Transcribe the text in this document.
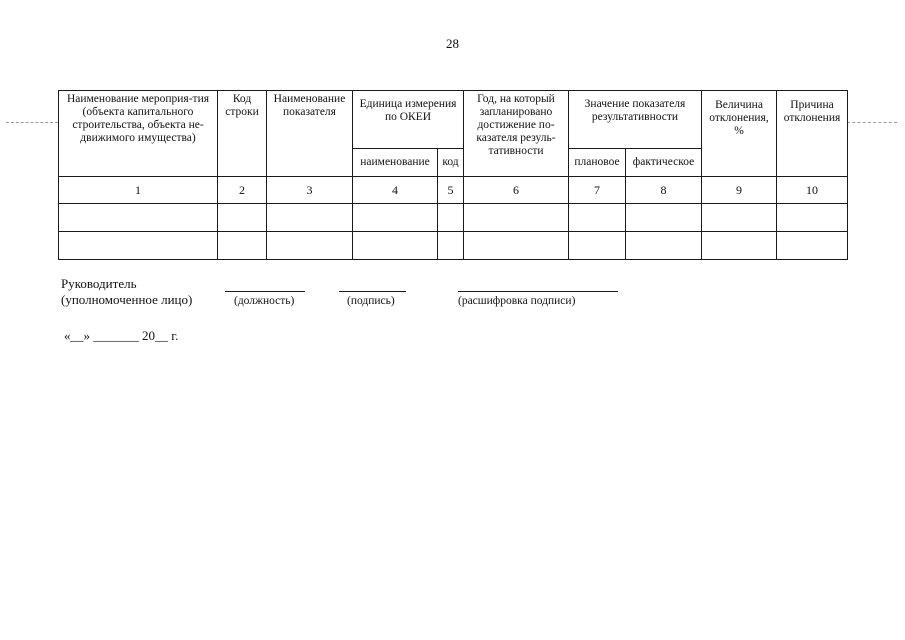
28
Наименование мероприя-тия (объекта капитального строительства, объекта не-движимого имущества)	Код строки	Наименование показателя	Единица измерения по ОКЕИ		Год, на который запланировано достижение по-казателя резуль-тативности	Значение показателя результативности		Величина отклонения, %	Причина отклонения
			наименование	код		плановое	фактическое		
1	2	3	4	5	6	7	8	9	10

Руководитель
(уполномоченное лицо)	(должность)	(подпись)	(расшифровка подписи)
«__» _______ 20__ г.
